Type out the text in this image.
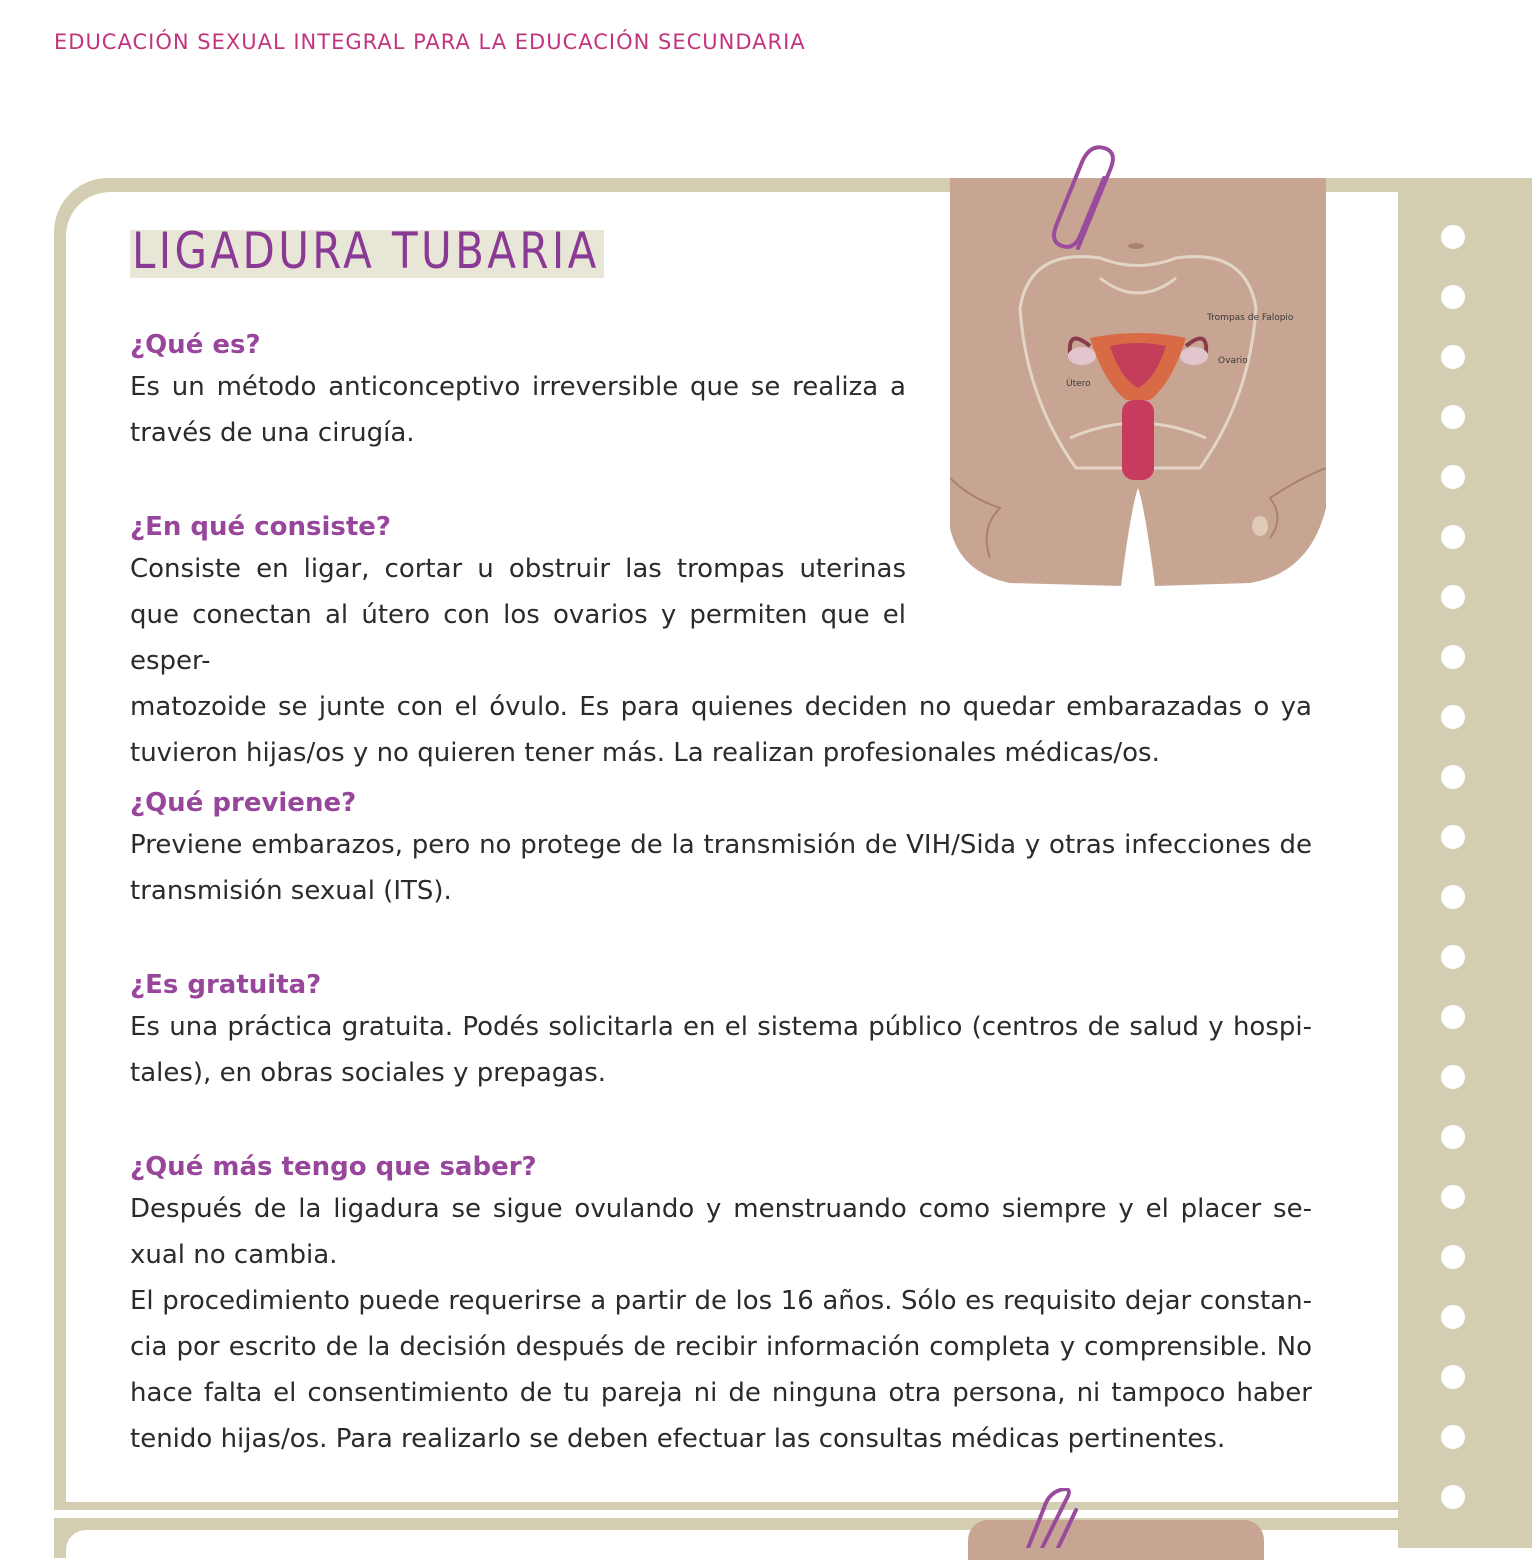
EDUCACIÓN SEXUAL INTEGRAL PARA LA EDUCACIÓN SECUNDARIA
Trompas de Falopio
Ovario
Útero
LIGADURA TUBARIA

¿Qué es?

Es un método anticonceptivo irreversible que se realiza a través de una cirugía.

¿En qué consiste?

Consiste en ligar, cortar u obstruir las trompas uterinas que conectan al útero con los ovarios y permiten que el esper-

matozoide se junte con el óvulo. Es para quienes deciden no quedar embarazadas o ya tuvieron hijas/os y no quieren tener más. La realizan profesionales médicas/os.

¿Qué previene?

Previene embarazos, pero no protege de la transmisión de VIH/Sida y otras infecciones de transmisión sexual (ITS).

¿Es gratuita?

Es una práctica gratuita. Podés solicitarla en el sistema público (centros de salud y hospi-tales), en obras sociales y prepagas.

¿Qué más tengo que saber?

Después de la ligadura se sigue ovulando y menstruando como siempre y el placer se-xual no cambia.

El procedimiento puede requerirse a partir de los 16 años. Sólo es requisito dejar constan-cia por escrito de la decisión después de recibir información completa y comprensible. No hace falta el consentimiento de tu pareja ni de ninguna otra persona, ni tampoco haber tenido hijas/os. Para realizarlo se deben efectuar las consultas médicas pertinentes.
